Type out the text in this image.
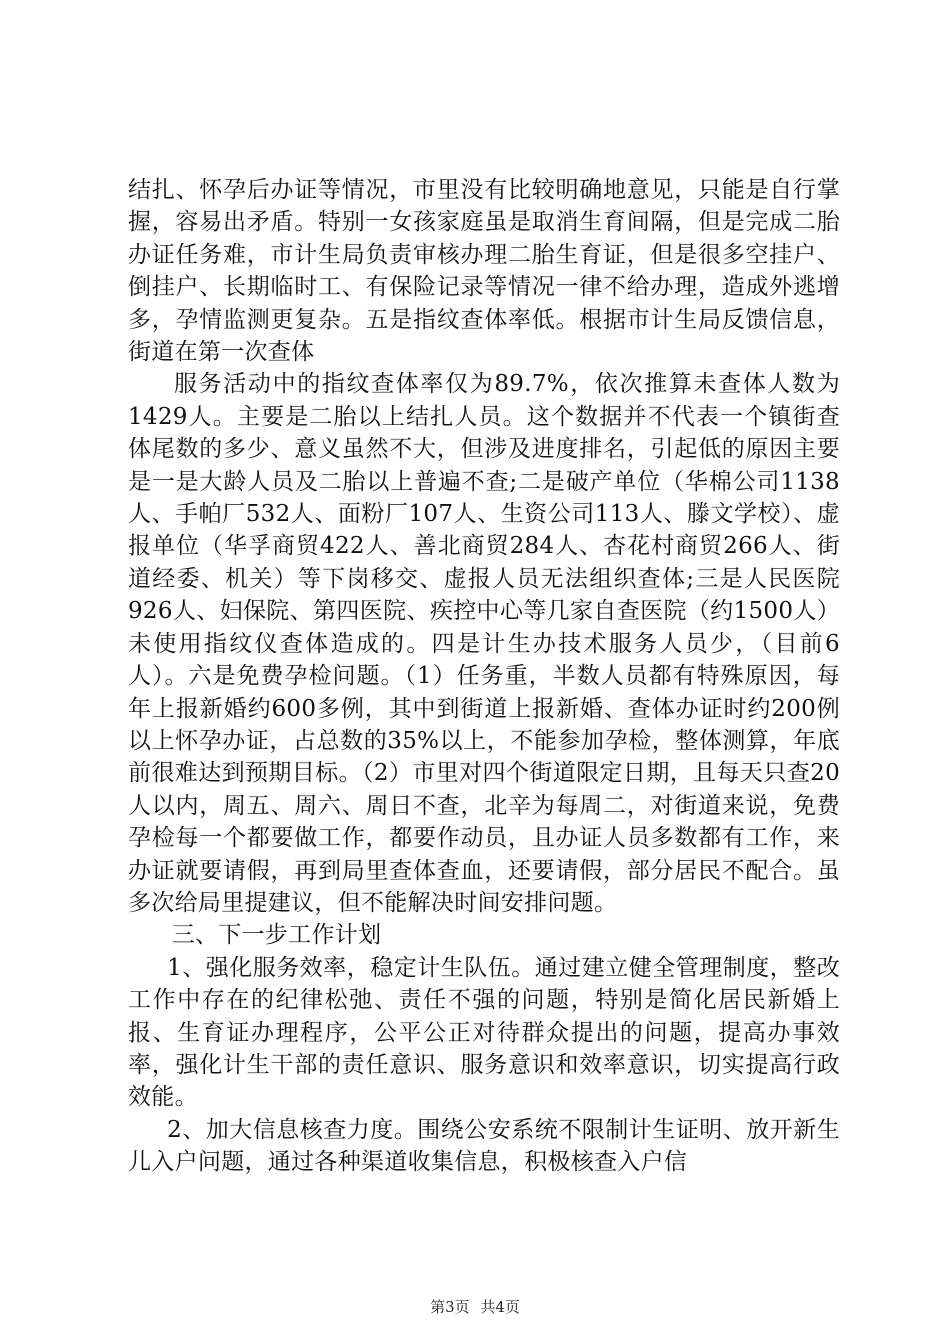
结扎、怀孕后办证等情况，市里没有比较明确地意见，只能是自行掌握，容易出矛盾。特别一女孩家庭虽是取消生育间隔，但是完成二胎办证任务难，市计生局负责审核办理二胎生育证，但是很多空挂户、倒挂户、长期临时工、有保险记录等情况一律不给办理，造成外逃增多，孕情监测更复杂。五是指纹查体率低。根据市计生局反馈信息，街道在第一次查体

服务活动中的指纹查体率仅为89.7%，依次推算未查体人数为1429人。主要是二胎以上结扎人员。这个数据并不代表一个镇街查体尾数的多少、意义虽然不大，但涉及进度排名，引起低的原因主要是一是大龄人员及二胎以上普遍不查;二是破产单位（华棉公司1138人、手帕厂532人、面粉厂107人、生资公司113人、滕文学校）、虚报单位（华孚商贸422人、善北商贸284人、杏花村商贸266人、街道经委、机关）等下岗移交、虚报人员无法组织查体;三是人民医院926人、妇保院、第四医院、疾控中心等几家自查医院（约1500人）未使用指纹仪查体造成的。四是计生办技术服务人员少，（目前6人）。六是免费孕检问题。（1）任务重，半数人员都有特殊原因，每年上报新婚约600多例，其中到街道上报新婚、查体办证时约200例以上怀孕办证，占总数的35%以上，不能参加孕检，整体测算，年底前很难达到预期目标。（2）市里对四个街道限定日期，且每天只查20人以内，周五、周六、周日不查，北辛为每周二，对街道来说，免费孕检每一个都要做工作，都要作动员，且办证人员多数都有工作，来办证就要请假，再到局里查体查血，还要请假，部分居民不配合。虽多次给局里提建议，但不能解决时间安排问题。

三、下一步工作计划

1、强化服务效率，稳定计生队伍。通过建立健全管理制度，整改工作中存在的纪律松弛、责任不强的问题，特别是简化居民新婚上报、生育证办理程序，公平公正对待群众提出的问题，提高办事效率，强化计生干部的责任意识、服务意识和效率意识，切实提高行政效能。

2、加大信息核查力度。围绕公安系统不限制计生证明、放开新生儿入户问题，通过各种渠道收集信息，积极核查入户信

第3页 共4页
